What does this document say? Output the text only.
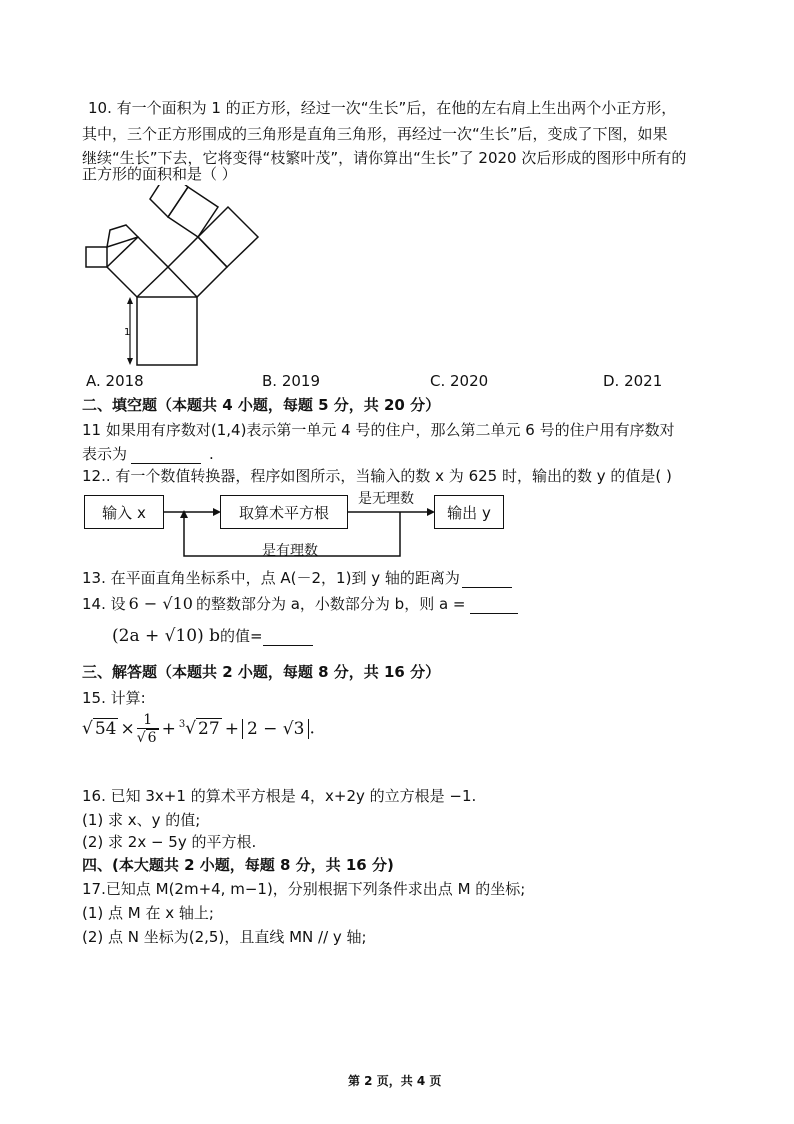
10. 有一个面积为 1 的正方形，经过一次“生长”后，在他的左右肩上生出两个小正方形，
其中，三个正方形围成的三角形是直角三角形，再经过一次“生长”后，变成了下图，如果
继续“生长”下去，它将变得“枝繁叶茂”，请你算出“生长”了 2020 次后形成的图形中所有的
正方形的面积和是（ ）
1
A. 2018	B. 2019	C. 2020	D. 2021
二、填空题（本题共 4 小题，每题 5 分，共 20 分）
11 如果用有序数对(1,4)表示第一单元 4 号的住户，那么第二单元 6 号的住户用有序数对
表示为	.
12.. 有一个数值转换器，程序如图所示，当输入的数 x 为 625 时，输出的数 y 的值是( )
输入 x	取算术平方根	输出 y
是无理数
是有理数
13. 在平面直角坐标系中，点 A(－2，1)到 y 轴的距离为
14. 设 6 − √10 的整数部分为 a，小数部分为 b，则 a =
(2a + √10) b的值=
三、解答题（本题共 2 小题，每题 8 分，共 16 分）
15. 计算:
√ $54 \times \frac{1}{√ 6} + ^3√$ 27 + 2 − √3 .
16. 已知 3x+1 的算术平方根是 4，x+2y 的立方根是 −1.
(1) 求 x、y 的值;
(2) 求 2x − 5y 的平方根.
四、(本大题共 2 小题，每题 8 分，共 16 分)
17.已知点 M(2m+4, m−1)，分别根据下列条件求出点 M 的坐标;
(1) 点 M 在 x 轴上;
(2) 点 N 坐标为(2,5)，且直线 MN // y 轴;
第 2 页，共 4 页
